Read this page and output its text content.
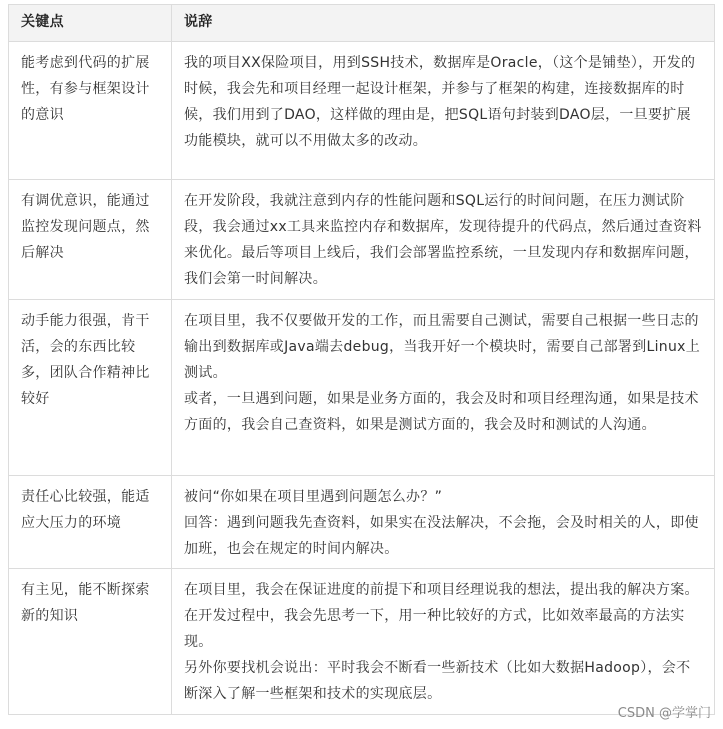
关键点	说辞
能考虑到代码的扩展性，有参与框架设计的意识	我的项目XX保险项目，用到SSH技术，数据库是Oracle，（这个是铺垫），开发的时候，我会先和项目经理一起设计框架，并参与了框架的构建，连接数据库的时候，我们用到了DAO，这样做的理由是，把SQL语句封装到DAO层，一旦要扩展功能模块，就可以不用做太多的改动。

有调优意识，能通过监控发现问题点，然后解决	在开发阶段，我就注意到内存的性能问题和SQL运行的时间问题，在压力测试阶段，我会通过xx工具来监控内存和数据库，发现待提升的代码点，然后通过查资料来优化。最后等项目上线后，我们会部署监控系统，一旦发现内存和数据库问题，我们会第一时间解决。

动手能力很强，肯干活，会的东西比较多，团队合作精神比较好	在项目里，我不仅要做开发的工作，而且需要自己测试，需要自己根据一些日志的输出到数据库或Java端去debug，当我开好一个模块时，需要自己部署到Linux上测试。
或者，一旦遇到问题，如果是业务方面的，我会及时和项目经理沟通，如果是技术方面的，我会自己查资料，如果是测试方面的，我会及时和测试的人沟通。

责任心比较强，能适应大压力的环境	被问“你如果在项目里遇到问题怎么办？”
回答：遇到问题我先查资料，如果实在没法解决，不会拖，会及时相关的人，即使加班，也会在规定的时间内解决。

有主见，能不断探索新的知识	在项目里，我会在保证进度的前提下和项目经理说我的想法，提出我的解决方案。在开发过程中，我会先思考一下，用一种比较好的方式，比如效率最高的方法实现。
另外你要找机会说出：平时我会不断看一些新技术（比如大数据Hadoop），会不断深入了解一些框架和技术的实现底层。
CSDN @学掌门
